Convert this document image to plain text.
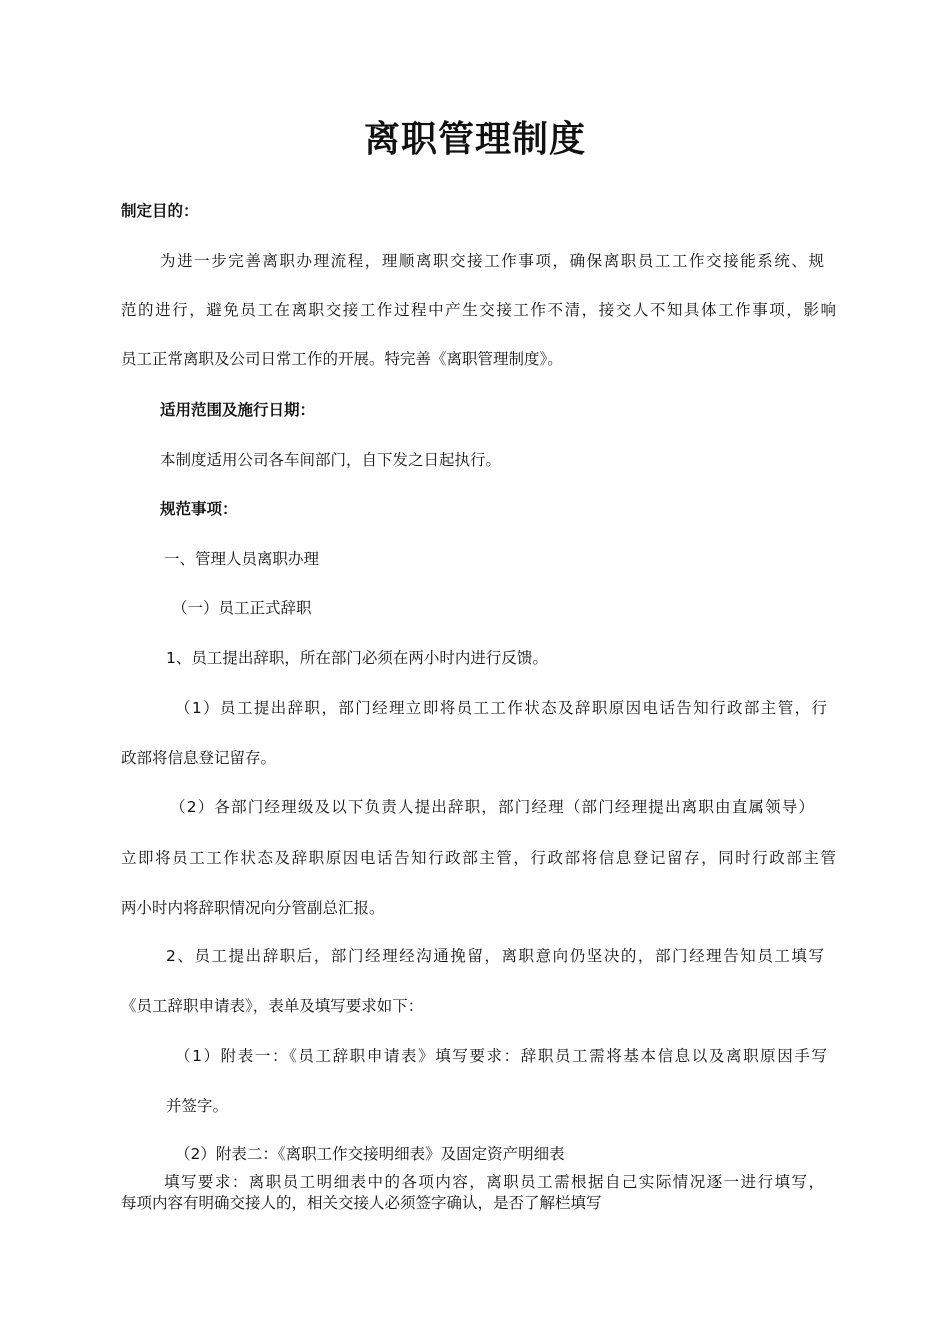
离职管理制度
制定目的：
为进一步完善离职办理流程，理顺离职交接工作事项，确保离职员工工作交接能系统、规
范的进行，避免员工在离职交接工作过程中产生交接工作不清，接交人不知具体工作事项，影响
员工正常离职及公司日常工作的开展。特完善《离职管理制度》。
适用范围及施行日期：
本制度适用公司各车间部门，自下发之日起执行。
规范事项：
一、管理人员离职办理
（一）员工正式辞职
1、员工提出辞职，所在部门必须在两小时内进行反馈。
（1）员工提出辞职，部门经理立即将员工工作状态及辞职原因电话告知行政部主管，行
政部将信息登记留存。
（2）各部门经理级及以下负责人提出辞职，部门经理（部门经理提出离职由直属领导）
立即将员工工作状态及辞职原因电话告知行政部主管，行政部将信息登记留存，同时行政部主管
两小时内将辞职情况向分管副总汇报。
2、员工提出辞职后，部门经理经沟通挽留，离职意向仍坚决的，部门经理告知员工填写
《员工辞职申请表》，表单及填写要求如下：
（1）附表一：《员工辞职申请表》填写要求：辞职员工需将基本信息以及离职原因手写
并签字。
（2）附表二：《离职工作交接明细表》及固定资产明细表
填写要求：离职员工明细表中的各项内容，离职员工需根据自己实际情况逐一进行填写，
每项内容有明确交接人的，相关交接人必须签字确认，是否了解栏填写
